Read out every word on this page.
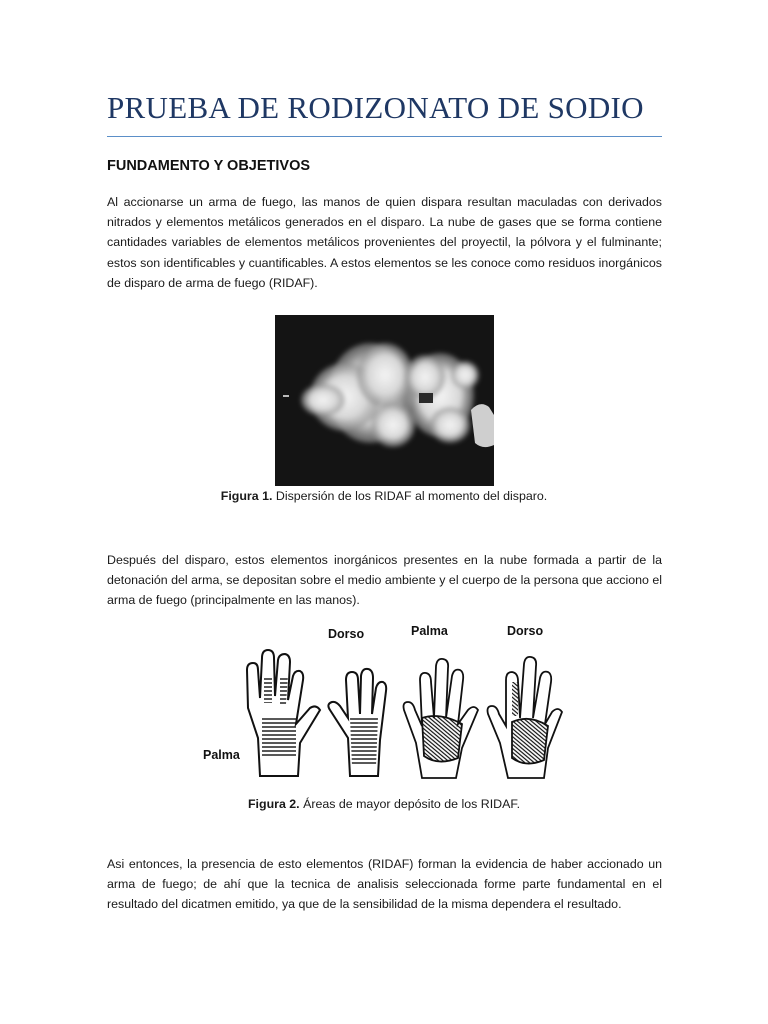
PRUEBA DE RODIZONATO DE SODIO
FUNDAMENTO Y OBJETIVOS

Al accionarse un arma de fuego, las manos de quien dispara resultan maculadas con derivados nitrados y elementos metálicos generados en el disparo. La nube de gases que se forma contiene cantidades variables de elementos metálicos provenientes del proyectil, la pólvora y el fulminante; estos son identificables y cuantificables. A estos elementos se les conoce como residuos inorgánicos de disparo de arma de fuego (RIDAF).

Figura 1. Dispersión de los RIDAF al momento del disparo.

Después del disparo, estos elementos inorgánicos presentes en la nube formada a partir de la detonación del arma, se depositan sobre el medio ambiente y el cuerpo de la persona que acciono el arma de fuego (principalmente en las manos).

Dorso	Palma	Dorso
Palma

Figura 2. Áreas de mayor depósito de los RIDAF.

Asi entonces, la presencia de esto elementos (RIDAF) forman la evidencia de haber accionado un arma de fuego; de ahí que la tecnica de analisis seleccionada forme parte fundamental en el resultado del dicatmen emitido, ya que de la sensibilidad de la misma dependera el resultado.
